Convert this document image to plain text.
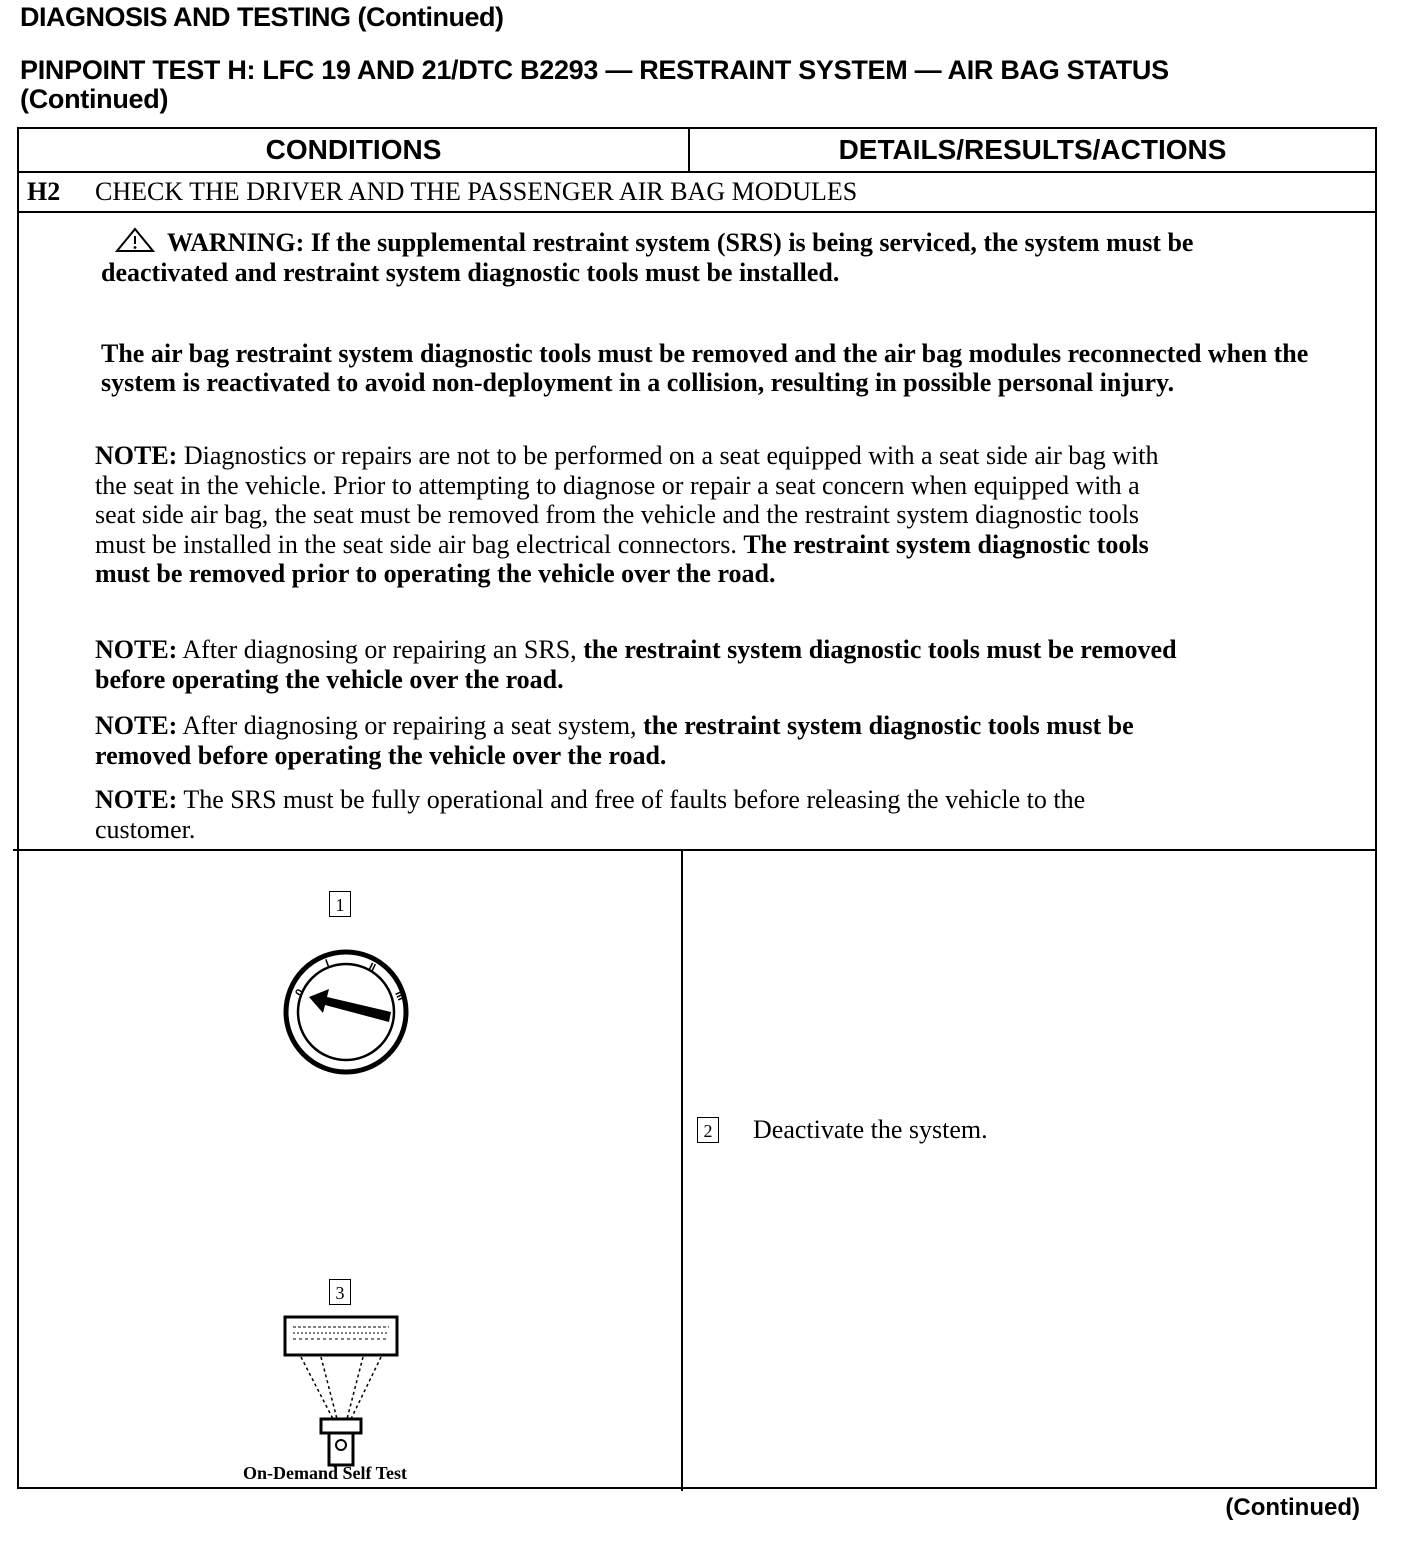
DIAGNOSIS AND TESTING (Continued)
PINPOINT TEST H: LFC 19 AND 21/DTC B2293 — RESTRAINT SYSTEM — AIR BAG STATUS
(Continued)
CONDITIONS	DETAILS/RESULTS/ACTIONS
H2 CHECK THE DRIVER AND THE PASSENGER AIR BAG MODULES
WARNING: If the supplemental restraint system (SRS) is being serviced, the system must be deactivated and restraint system diagnostic tools must be installed.
The air bag restraint system diagnostic tools must be removed and the air bag modules reconnected when the system is reactivated to avoid non-deployment in a collision, resulting in possible personal injury.
NOTE: Diagnostics or repairs are not to be performed on a seat equipped with a seat side air bag with the seat in the vehicle. Prior to attempting to diagnose or repair a seat concern when equipped with a seat side air bag, the seat must be removed from the vehicle and the restraint system diagnostic tools must be installed in the seat side air bag electrical connectors. The restraint system diagnostic tools must be removed prior to operating the vehicle over the road.
NOTE: After diagnosing or repairing an SRS, the restraint system diagnostic tools must be removed before operating the vehicle over the road.
NOTE: After diagnosing or repairing a seat system, the restraint system diagnostic tools must be removed before operating the vehicle over the road.
NOTE: The SRS must be fully operational and free of faults before releasing the vehicle to the customer.
1
0
I	II
III
3
On-Demand Self Test
2 Deactivate the system.
(Continued)
